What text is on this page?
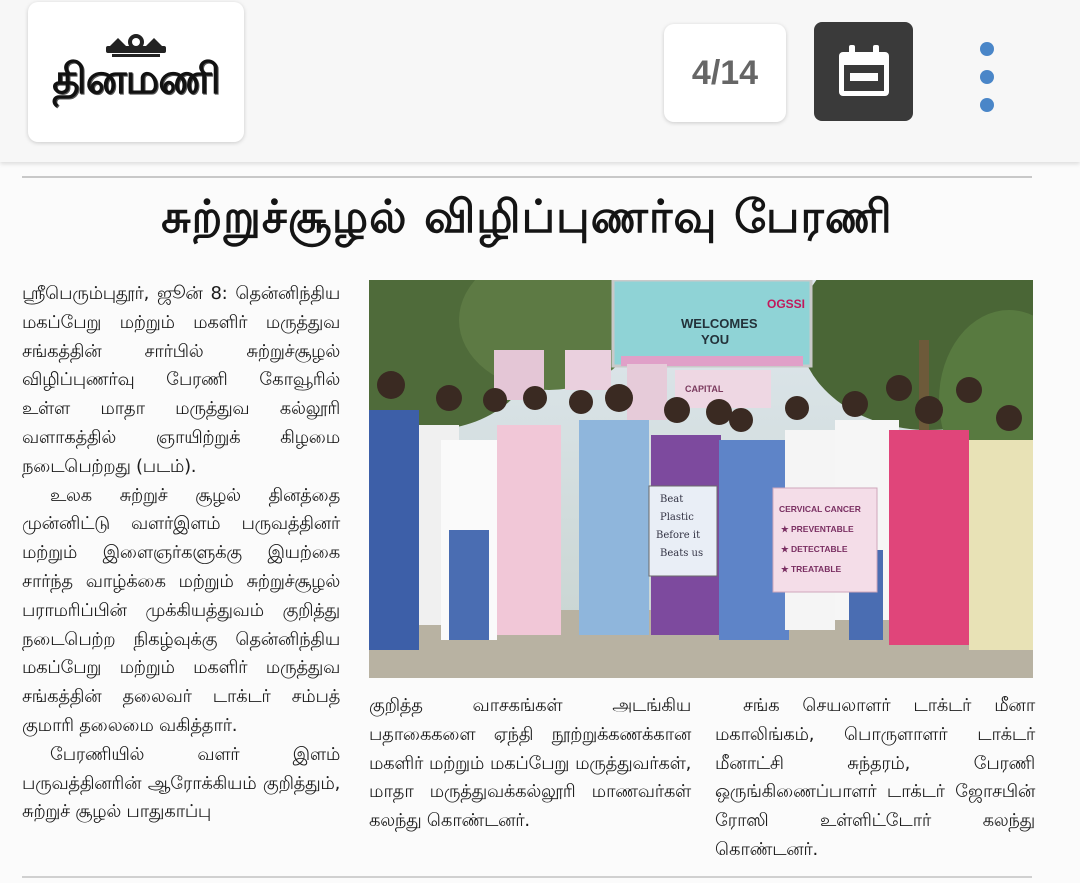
தினமணி	4/14
சுற்றுச்சூழல் விழிப்புணர்வு பேரணி

ஸ்ரீபெரும்புதூர், ஜூன் 8: தென்னிந்திய மகப்பேறு மற்றும் மகளிர் மருத்துவ சங்கத்தின் சார்பில் சுற்றுச்சூழல் விழிப்புணர்வு பேரணி கோவூரில் உள்ள மாதா மருத்துவ கல்லூரி வளாகத்தில் ஞாயிற்றுக் கிழமை நடைபெற்றது (படம்).

உலக சுற்றுச் சூழல் தினத்தை முன்னிட்டு வளர்இளம் பருவத்தினர் மற்றும் இளைஞர்களுக்கு இயற்கை சார்ந்த வாழ்க்கை மற்றும் சுற்றுச்சூழல் பராமரிப்பின் முக்கியத்துவம் குறித்து நடைபெற்ற நிகழ்வுக்கு தென்னிந்திய மகப்பேறு மற்றும் மகளிர் மருத்துவ சங்கத்தின் தலைவர் டாக்டர் சம்பத் குமாரி தலைமை வகித்தார்.

பேரணியில் வளர் இளம் பருவத்தினரின் ஆரோக்கியம் குறித்தும், சுற்றுச் சூழல் பாதுகாப்பு

OGSSI
WELCOMES
YOU
CAPITAL
Beat
Plastic
Before it
Beats us
CERVICAL CANCER
★ PREVENTABLE
★ DETECTABLE
★ TREATABLE

குறித்த வாசகங்கள் அடங்கிய பதாகைகளை ஏந்தி நூற்றுக்கணக்கான மகளிர் மற்றும் மகப்பேறு மருத்துவர்கள், மாதா மருத்துவக்கல்லூரி மாணவர்கள் கலந்து கொண்டனர்.

சங்க செயலாளர் டாக்டர் மீனா மகாலிங்கம், பொருளாளர் டாக்டர் மீனாட்சி சுந்தரம், பேரணி ஒருங்கிணைப்பாளர் டாக்டர் ஜோசபின் ரோஸி உள்ளிட்டோர் கலந்து கொண்டனர்.
